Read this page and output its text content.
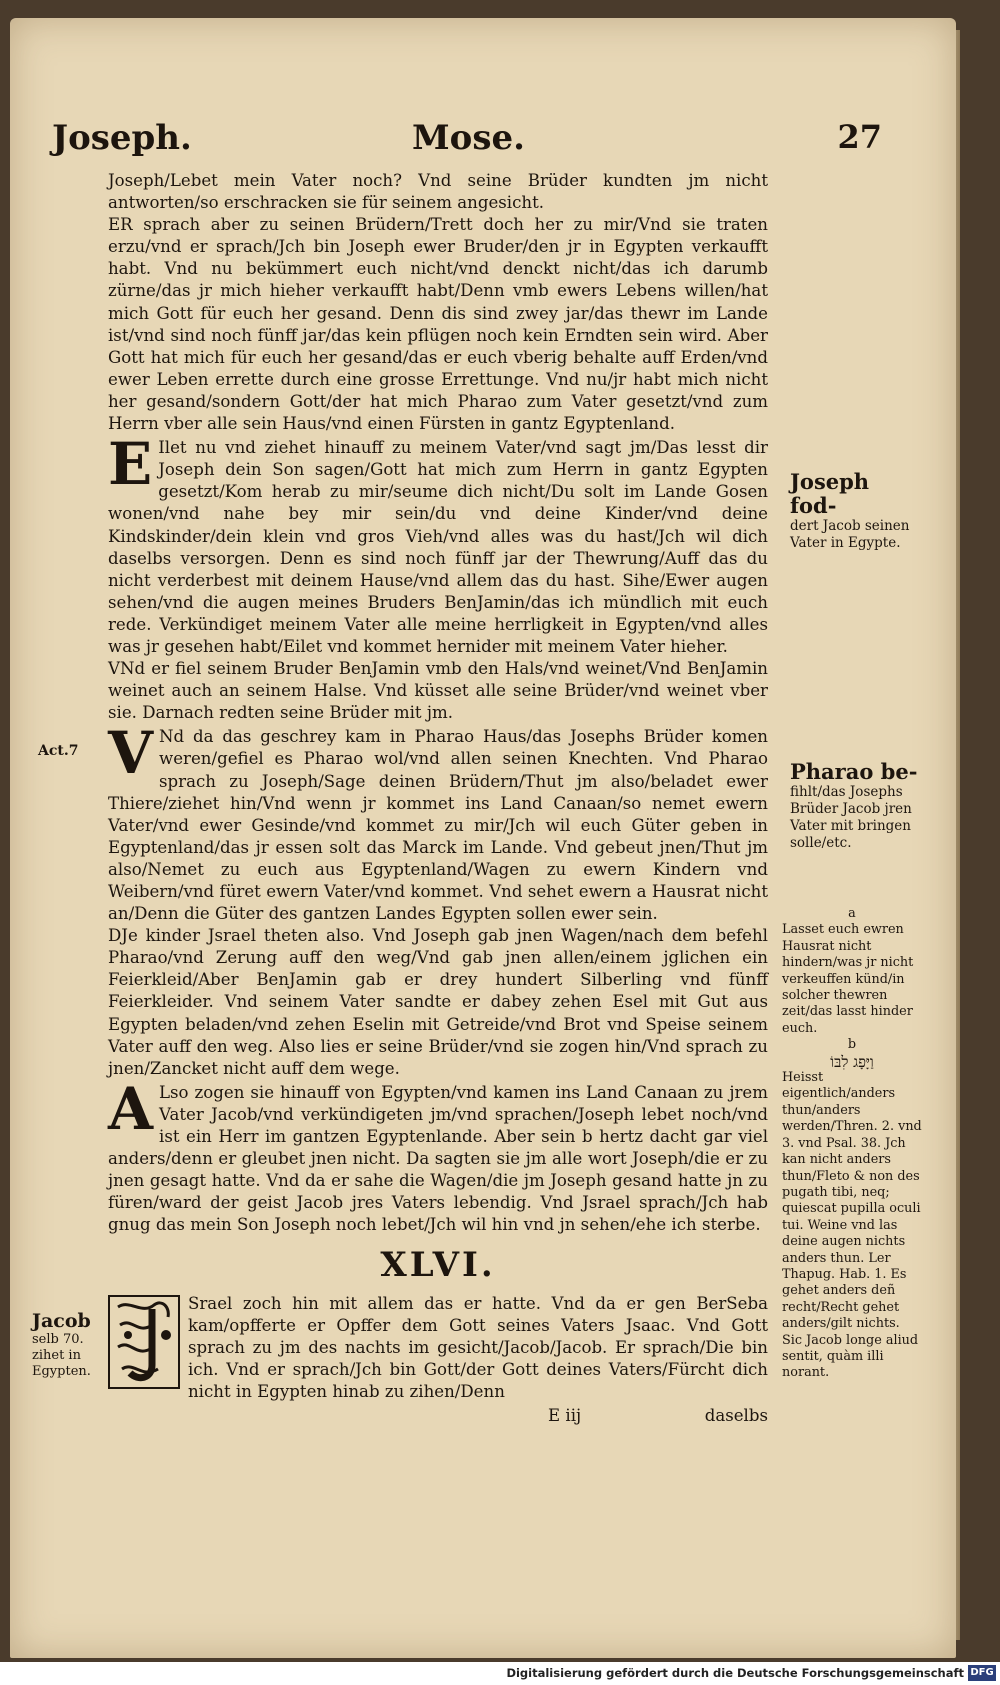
Joseph.	Mose.	27

Joseph/Lebet mein Vater noch? Vnd seine Brüder kundten jm nicht antworten/so erschracken sie für seinem angesicht.

ER sprach aber zu seinen Brüdern/Trett doch her zu mir/Vnd sie traten erzu/vnd er sprach/Jch bin Joseph ewer Bruder/den jr in Egypten verkaufft habt. Vnd nu bekümmert euch nicht/vnd denckt nicht/das ich darumb zürne/das jr mich hieher verkaufft habt/Denn vmb ewers Lebens willen/hat mich Gott für euch her gesand. Denn dis sind zwey jar/das thewr im Lande ist/vnd sind noch fünff jar/das kein pflügen noch kein Erndten sein wird. Aber Gott hat mich für euch her gesand/das er euch vberig behalte auff Erden/vnd ewer Leben errette durch eine grosse Errettunge. Vnd nu/jr habt mich nicht her gesand/sondern Gott/der hat mich Pharao zum Vater gesetzt/vnd zum Herrn vber alle sein Haus/vnd einen Fürsten in gantz Egyptenland.

E Ilet nu vnd ziehet hinauff zu meinem Vater/vnd sagt jm/Das lesst dir Joseph dein Son sagen/Gott hat mich zum Herrn in gantz Egypten gesetzt/Kom herab zu mir/seume dich nicht/Du solt im Lande Gosen wonen/vnd nahe bey mir sein/du vnd deine Kinder/vnd deine Kindskinder/dein klein vnd gros Vieh/vnd alles was du hast/Jch wil dich daselbs versorgen. Denn es sind noch fünff jar der Thewrung/Auff das du nicht verderbest mit deinem Hause/vnd allem das du hast. Sihe/Ewer augen sehen/vnd die augen meines Bruders BenJamin/das ich mündlich mit euch rede. Verkündiget meinem Vater alle meine herrligkeit in Egypten/vnd alles was jr gesehen habt/Eilet vnd kommet hernider mit meinem Vater hieher.

VNd er fiel seinem Bruder BenJamin vmb den Hals/vnd weinet/Vnd BenJamin weinet auch an seinem Halse. Vnd küsset alle seine Brüder/vnd weinet vber sie. Darnach redten seine Brüder mit jm.

V Nd da das geschrey kam in Pharao Haus/das Josephs Brüder komen weren/gefiel es Pharao wol/vnd allen seinen Knechten. Vnd Pharao sprach zu Joseph/Sage deinen Brüdern/Thut jm also/beladet ewer Thiere/ziehet hin/Vnd wenn jr kommet ins Land Canaan/so nemet ewern Vater/vnd ewer Gesinde/vnd kommet zu mir/Jch wil euch Güter geben in Egyptenland/das jr essen solt das Marck im Lande. Vnd gebeut jnen/Thut jm also/Nemet zu euch aus Egyptenland/Wagen zu ewern Kindern vnd Weibern/vnd füret ewern Vater/vnd kommet. Vnd sehet ewern a Hausrat nicht an/Denn die Güter des gantzen Landes Egypten sollen ewer sein.

DJe kinder Jsrael theten also. Vnd Joseph gab jnen Wagen/nach dem befehl Pharao/vnd Zerung auff den weg/Vnd gab jnen allen/einem jglichen ein Feierkleid/Aber BenJamin gab er drey hundert Silberling vnd fünff Feierkleider. Vnd seinem Vater sandte er dabey zehen Esel mit Gut aus Egypten beladen/vnd zehen Eselin mit Getreide/vnd Brot vnd Speise seinem Vater auff den weg. Also lies er seine Brüder/vnd sie zogen hin/Vnd sprach zu jnen/Zancket nicht auff dem wege.

A Lso zogen sie hinauff von Egypten/vnd kamen ins Land Canaan zu jrem Vater Jacob/vnd verkündigeten jm/vnd sprachen/Joseph lebet noch/vnd ist ein Herr im gantzen Egyptenlande. Aber sein b hertz dacht gar viel anders/denn er gleubet jnen nicht. Da sagten sie jm alle wort Joseph/die er zu jnen gesagt hatte. Vnd da er sahe die Wagen/die jm Joseph gesand hatte jn zu füren/ward der geist Jacob jres Vaters lebendig. Vnd Jsrael sprach/Jch hab gnug das mein Son Joseph noch lebet/Jch wil hin vnd jn sehen/ehe ich sterbe.

XLVI.

Srael zoch hin mit allem das er hatte. Vnd da er gen BerSeba kam/opfferte er Opffer dem Gott seines Vaters Jsaac. Vnd Gott sprach zu jm des nachts im gesicht/Jacob/Jacob. Er sprach/Die bin ich. Vnd er sprach/Jch bin Gott/der Gott deines Vaters/Fürcht dich nicht in Egypten hinab zu zihen/Denn

E iij	daselbs
Joseph fod-
dert Jacob seinen Vater in Egypte.
Act.7
Pharao be-
fihlt/das Josephs Brüder Jacob jren Vater mit bringen solle/etc.
a
Lasset euch ewren Hausrat nicht hindern/was jr nicht verkeuffen künd/in solcher thewren zeit/das lasst hinder euch.
b
וַיָּפָג לִבּוֹ
Heisst eigentlich/anders thun/anders werden/Thren. 2. vnd 3. vnd Psal. 38. Jch kan nicht anders thun/Fleto & non des pugath tibi, neq; quiescat pupilla oculi tui. Weine vnd las deine augen nichts anders thun. Ler Thapug. Hab. 1. Es gehet anders deñ recht/Recht gehet anders/gilt nichts. Sic Jacob longe aliud sentit, quàm illi norant.
Jacob
selb 70. zihet in Egypten.
Digitalisierung gefördert durch die Deutsche Forschungsgemeinschaft DFG
